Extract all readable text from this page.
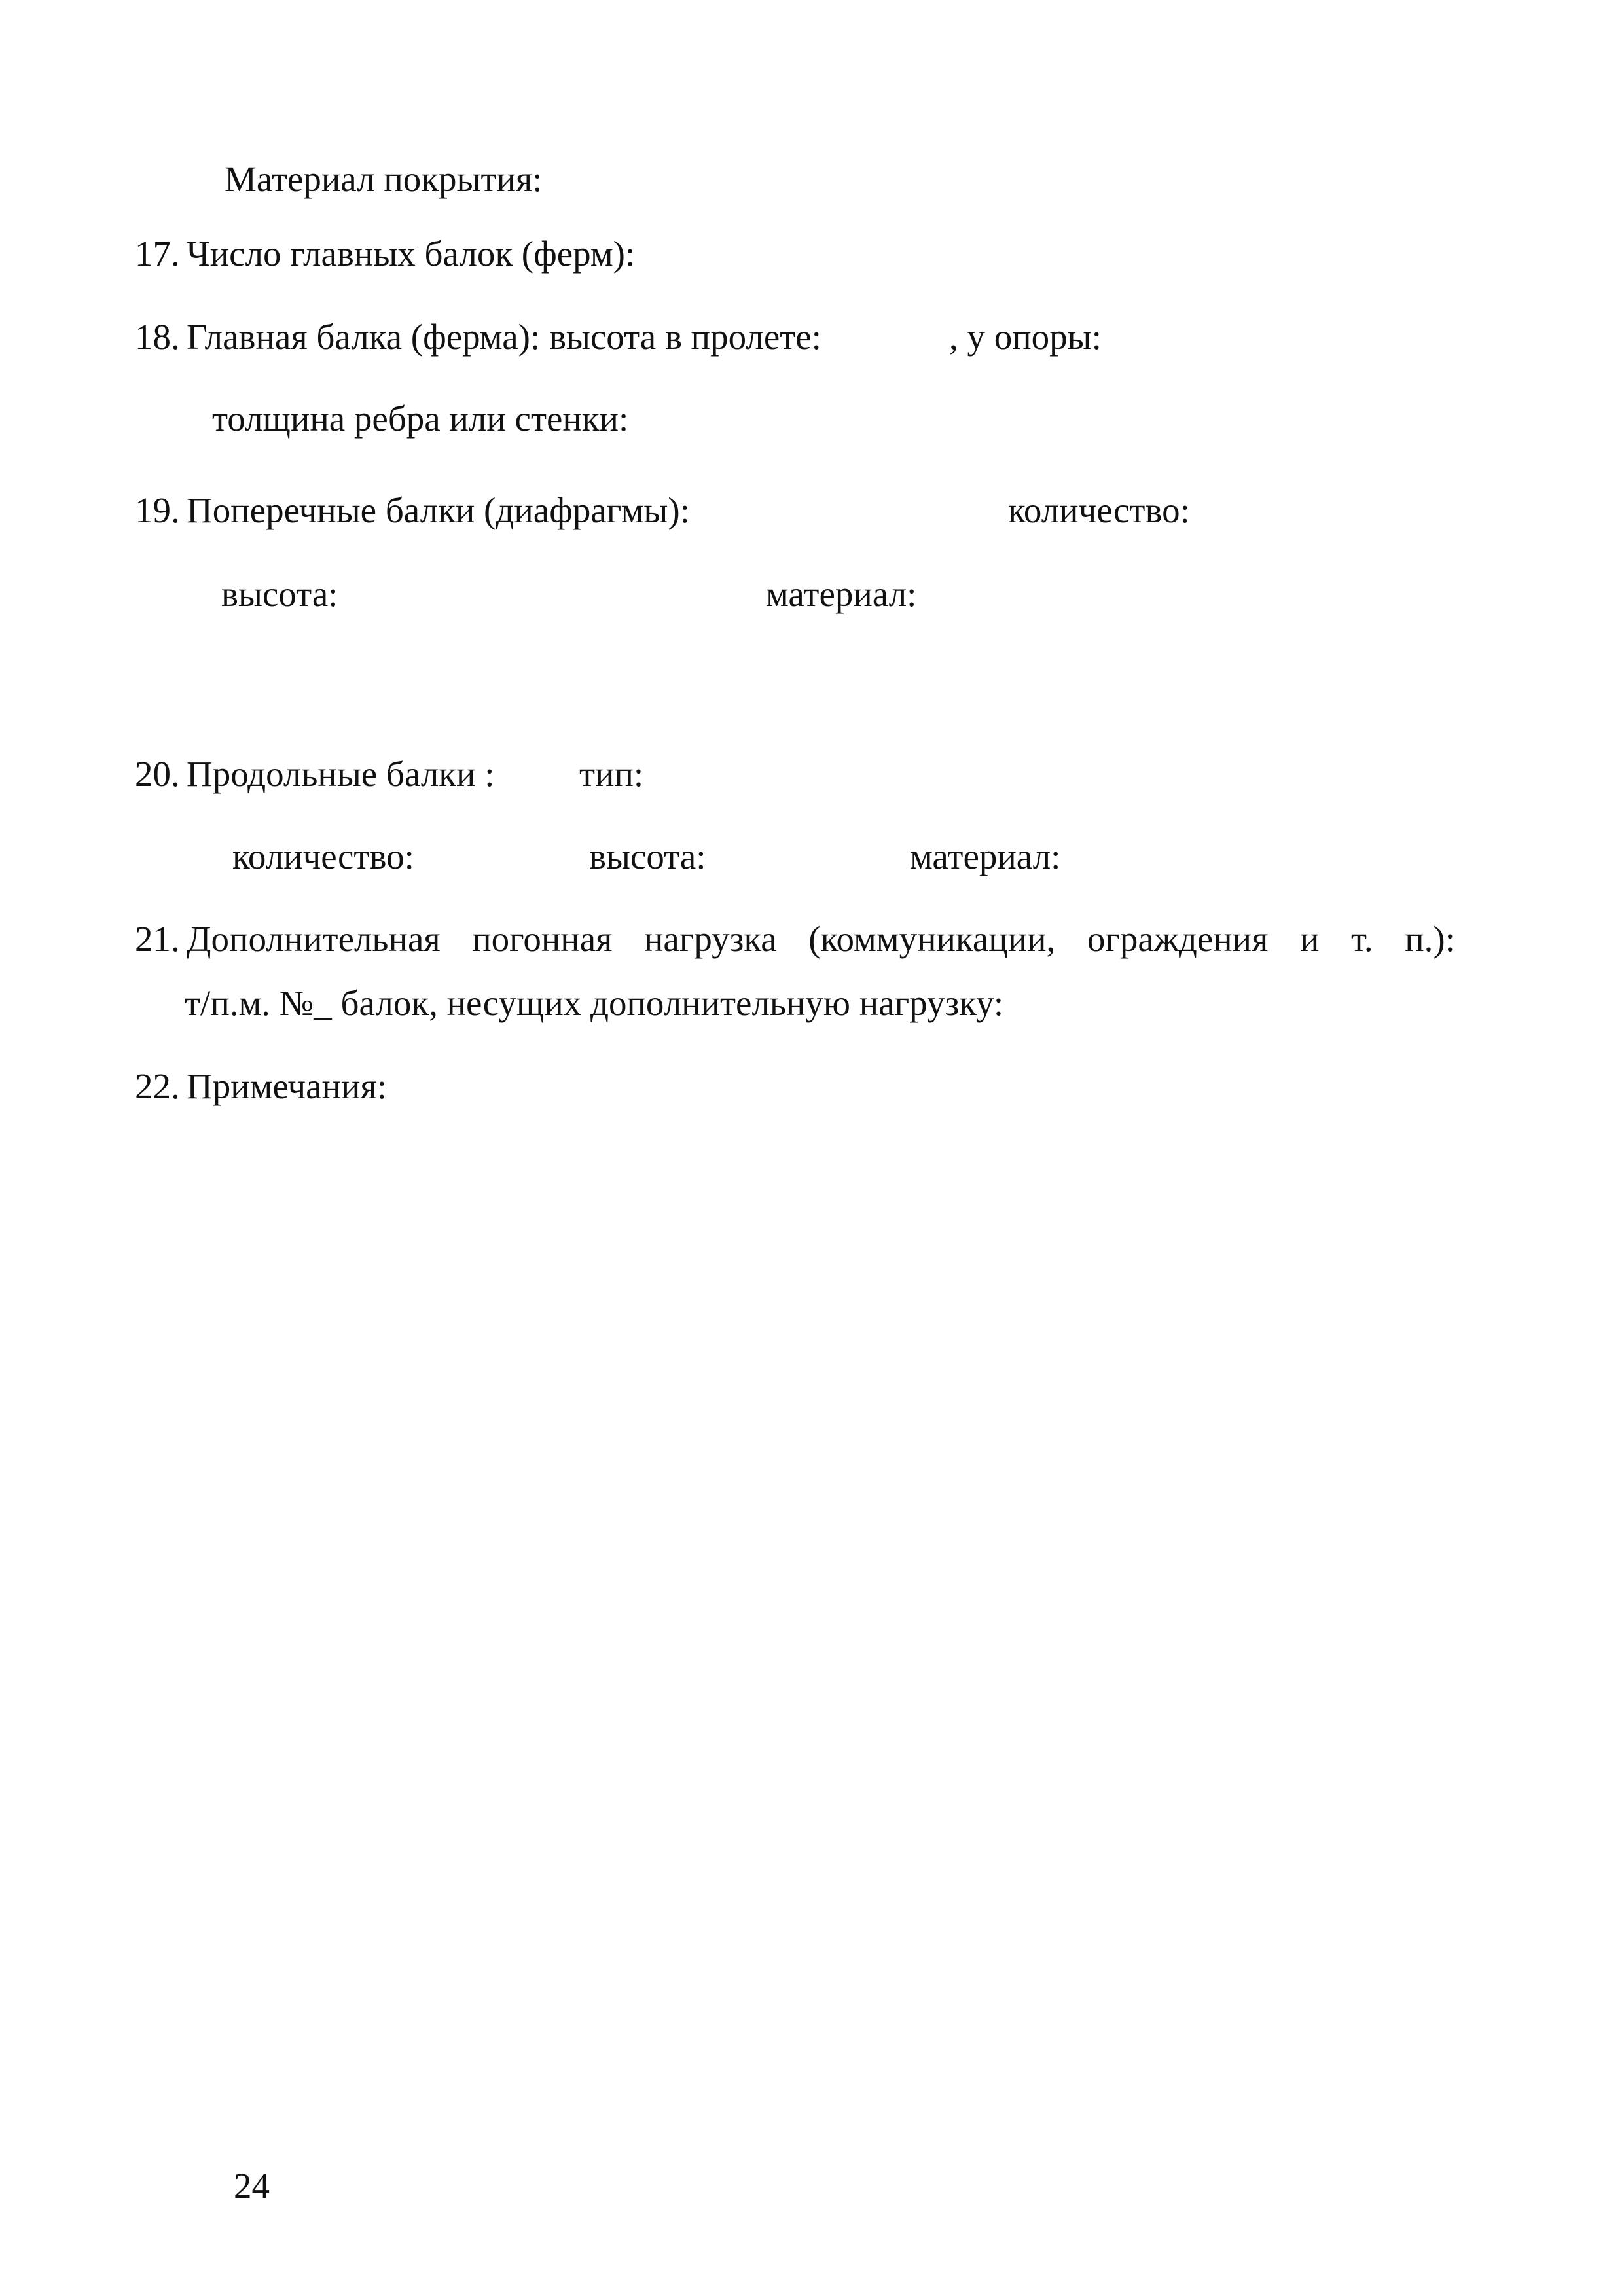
Материал покрытия:
17. Число главных балок (ферм):
18. Главная балка (ферма): высота в пролете:	, у опоры:
толщина ребра или стенки:
19. Поперечные балки (диафрагмы):	количество:
высота:	материал:
20. Продольные балки : тип:
количество:	высота:	материал:
21. Дополнительная погонная нагрузка (коммуникации, ограждения и т. п.):
т/п.м. №_ балок, несущих дополнительную нагрузку:
22. Примечания:
24
